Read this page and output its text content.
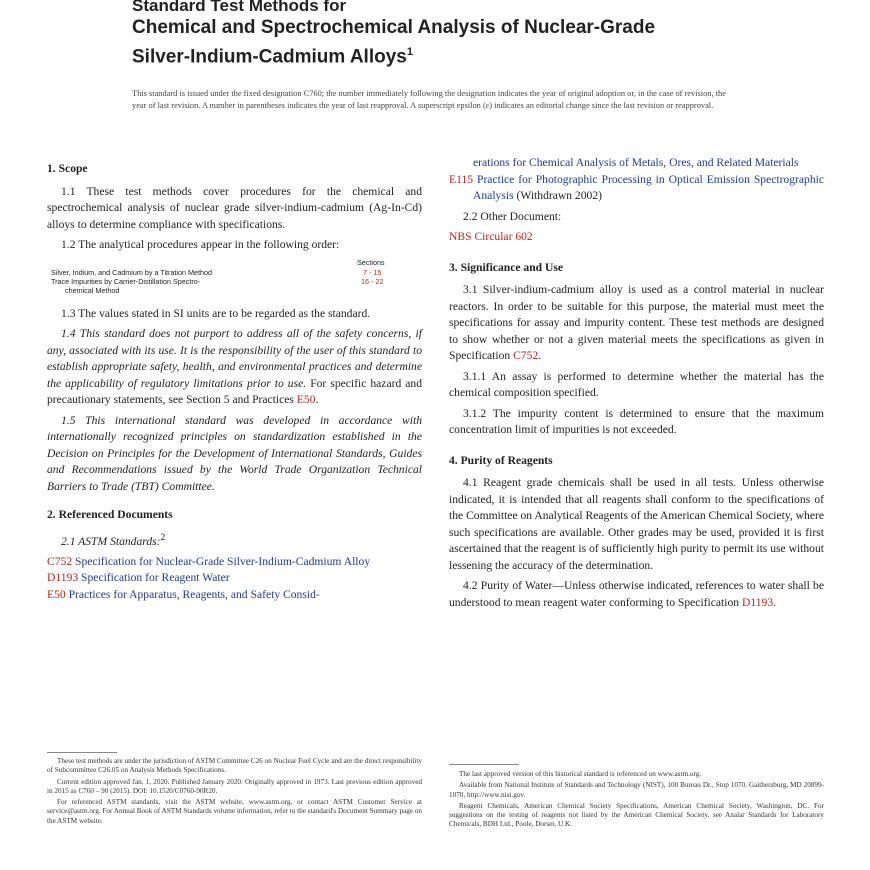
Standard Test Methods for
Chemical and Spectrochemical Analysis of Nuclear-Grade
Silver-Indium-Cadmium Alloys$^1$
This standard is issued under the fixed designation C760; the number immediately following the designation indicates the year of original adoption or, in the case of revision, the year of last revision. A number in parentheses indicates the year of last reapproval. A superscript epsilon (ε) indicates an editorial change since the last revision or reapproval.
1. Scope
1.1 These test methods cover procedures for the chemical and spectrochemical analysis of nuclear grade silver-indium-cadmium (Ag-In-Cd) alloys to determine compliance with specifications.
1.2 The analytical procedures appear in the following order:
Sections
Silver, Indium, and Cadmium by a Titration Method	7 - 15
Trace Impurities by Carrier-Distillation Spectro-	16 - 22
chemical Method
1.3 The values stated in SI units are to be regarded as the standard.
1.4 This standard does not purport to address all of the safety concerns, if any, associated with its use. It is the responsibility of the user of this standard to establish appropriate safety, health, and environmental practices and determine the applicability of regulatory limitations prior to use. For specific hazard and precautionary statements, see Section 5 and Practices E50.
1.5 This international standard was developed in accordance with internationally recognized principles on standardization established in the Decision on Principles for the Development of International Standards, Guides and Recommendations issued by the World Trade Organization Technical Barriers to Trade (TBT) Committee.
2. Referenced Documents
2.1 ASTM Standards:$^2$
C752 Specification for Nuclear-Grade Silver-Indium-Cadmium Alloy
D1193 Specification for Reagent Water
E50 Practices for Apparatus, Reagents, and Safety Consid-
erations for Chemical Analysis of Metals, Ores, and Related Materials
E115 Practice for Photographic Processing in Optical Emission Spectrographic Analysis (Withdrawn 2002)
2.2 Other Document:
NBS Circular 602
3. Significance and Use
3.1 Silver-indium-cadmium alloy is used as a control material in nuclear reactors. In order to be suitable for this purpose, the material must meet the specifications for assay and impurity content. These test methods are designed to show whether or not a given material meets the specifications as given in Specification C752.
3.1.1 An assay is performed to determine whether the material has the chemical composition specified.
3.1.2 The impurity content is determined to ensure that the maximum concentration limit of impurities is not exceeded.
4. Purity of Reagents
4.1 Reagent grade chemicals shall be used in all tests. Unless otherwise indicated, it is intended that all reagents shall conform to the specifications of the Committee on Analytical Reagents of the American Chemical Society, where such specifications are available. Other grades may be used, provided it is first ascertained that the reagent is of sufficiently high purity to permit its use without lessening the accuracy of the determination.
4.2 Purity of Water—Unless otherwise indicated, references to water shall be understood to mean reagent water conforming to Specification D1193.

These test methods are under the jurisdiction of ASTM Committee C26 on Nuclear Fuel Cycle and are the direct responsibility of Subcommittee C26.05 on Analysis Methods Specifications.

Current edition approved Jan. 1, 2020. Published January 2020. Originally approved in 1973. Last previous edition approved in 2015 as C760 – 90 (2015). DOI: 10.1520/C0760-90R20.

For referenced ASTM standards, visit the ASTM website, www.astm.org, or contact ASTM Customer Service at service@astm.org. For Annual Book of ASTM Standards volume information, refer to the standard's Document Summary page on the ASTM website.

The last approved version of this historical standard is referenced on www.astm.org.

Available from National Institute of Standards and Technology (NIST), 100 Bureau Dr., Stop 1070, Gaithersburg, MD 20899-1070, http://www.nist.gov.

Reagent Chemicals, American Chemical Society Specifications, American Chemical Society, Washington, DC. For suggestions on the testing of reagents not listed by the American Chemical Society, see Analar Standards for Laboratory Chemicals, BDH Ltd., Poole, Dorset, U.K.
